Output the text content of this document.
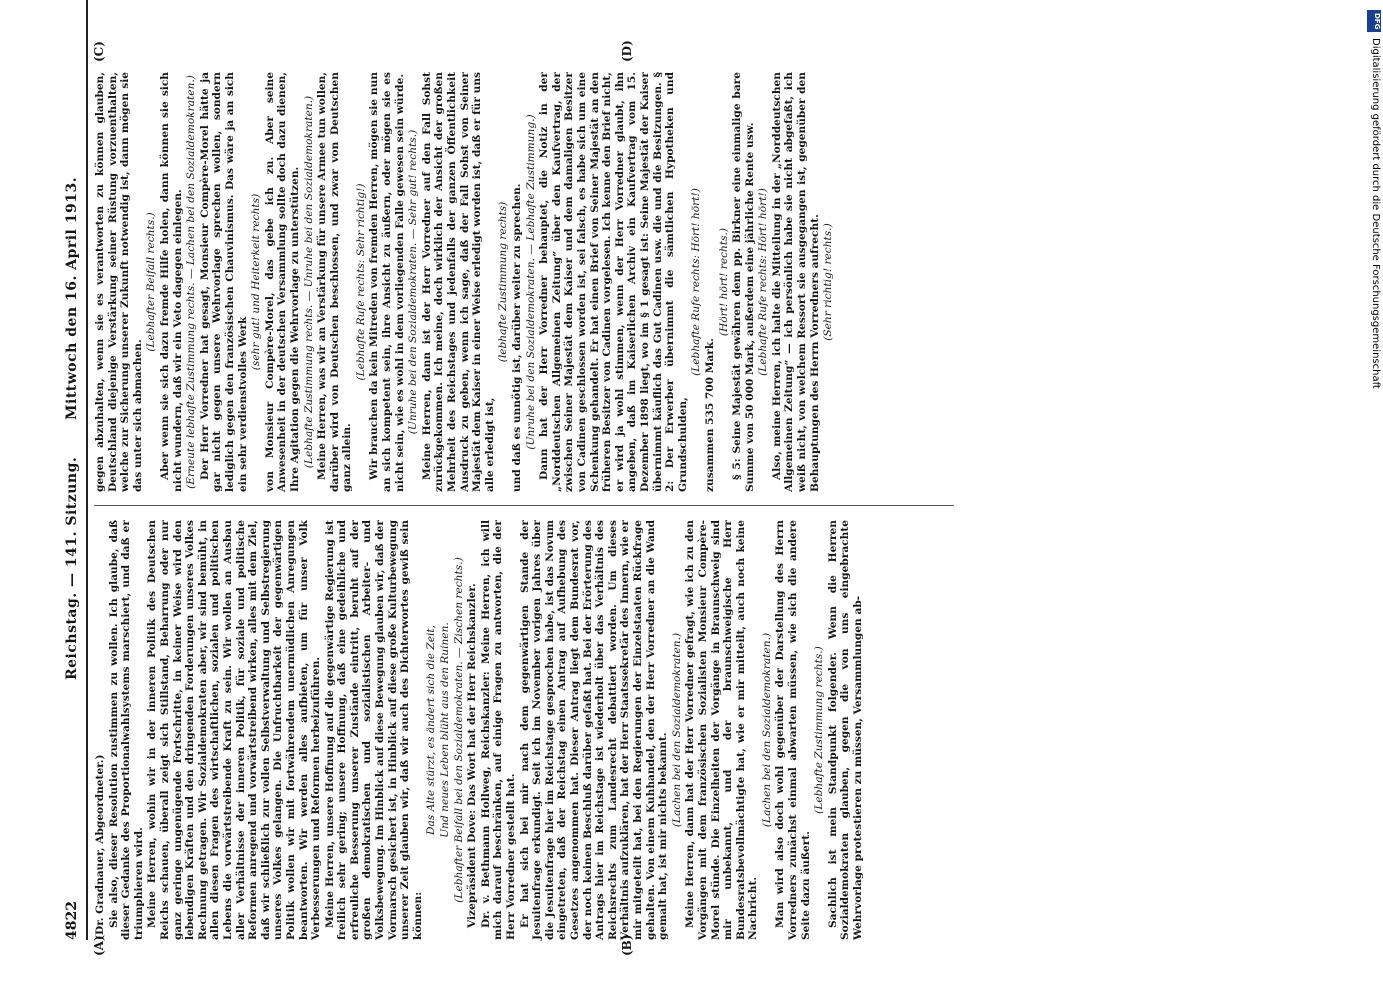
4822
Reichstag. — 141. Sitzung.
Mittwoch den 16. April 1913.

(Dr. Gradnauer, Abgeordneter.) Sie also, dieser Resolution zustimmen zu wollen. Ich glaube, daß dieser Gedanke des Proportionalwahlsystems marschiert, und daß er triumphieren wird. Meine Herren, wohin wir in der inneren Politik des Deutschen Reichs schauen, überall zeigt sich Stillstand, Beharrung oder nur ganz geringe ungenügende Fortschritte, in keiner Weise wird den lebendigen Kräften und den dringenden Forderungen unseres Volkes Rechnung getragen. Wir Sozialdemokraten aber, wir sind bemüht, in allen diesen Fragen des wirtschaftlichen, sozialen und politischen Lebens die vorwärtstreibende Kraft zu sein. Wir wollen an Ausbau aller Verhältnisse der inneren Politik, für soziale und politische Reformen anregend und vorwärtstreibend wirken, alles mit dem Ziel, daß wir schließlich zur vollen Selbstverwaltung und Selbstregierung unseres Volkes gelangen. Die Unfruchtbarkeit der gegenwärtigen Politik wollen wir mit fortwährendem unermüdlichen Anregungen beantworten. Wir werden alles aufbieten, um für unser Volk Verbesserungen und Reformen herbeizuführen. Meine Herren, unsere Hoffnung auf die gegenwärtige Regierung ist freilich sehr gering; unsere Hoffnung, daß eine gedeihliche und erfreuliche Besserung unserer Zustände eintritt, beruht auf der großen demokratischen und sozialistischen Arbeiter- und Volksbewegung. Im Hinblick auf diese Bewegung glauben wir, daß der Vormarsch gesichert ist, in Hinblick auf diese große Kulturbewegung unserer Zeit glauben wir, daß wir auch des Dichterwortes gewiß sein können:

Das Alte stürzt, es ändert sich die Zeit, Und neues Leben blüht aus den Ruinen. (Lebhafter Beifall bei den Sozialdemokraten. — Zischen rechts.) Vizepräsident Dove: Das Wort hat der Herr Reichskanzler. Dr. v. Bethmann Hollweg, Reichskanzler: Meine Herren, ich will mich darauf beschränken, auf einige Fragen zu antworten, die der Herr Vorredner gestellt hat. Er hat sich bei mir nach dem gegenwärtigen Stande der Jesuitenfrage erkundigt. Seit ich im November vorigen Jahres über die Jesuitenfrage hier im Reichstage gesprochen habe, ist das Novum eingetreten, daß der Reichstag einen Antrag auf Aufhebung des Gesetzes angenommen hat. Dieser Antrag liegt dem Bundesrat vor, der noch keinen Beschluß darüber gefaßt hat. Bei der Erörterung des Antrags hier im Reichstage ist wiederholt über das Verhältnis des Reichsrechts zum Landesrecht debattiert worden. Um dieses Verhältnis aufzuklären, hat der Herr Staatssekretär des Innern, wie er mir mitgeteilt hat, bei den Regierungen der Einzelstaaten Rückfrage gehalten. Von einem Kuhhandel, den der Herr Vorredner an die Wand gemalt hat, ist mir nichts bekannt.

(Lachen bei den Sozialdemokraten.) Meine Herren, dann hat der Herr Vorredner gefragt, wie ich zu den Vorgängen mit dem französischen Sozialisten Monsieur Compère-Morel stünde. Die Einzelheiten der Vorgänge in Braunschweig sind mir unbekannt, und der braunschweigische Herr Bundesratsbevollmächtigte hat, wie er mir mitteilt, auch noch keine Nachricht.

(Lachen bei den Sozialdemokraten.) Man wird also doch wohl gegenüber der Darstellung des Herrn Vorredners zunächst einmal abwarten müssen, wie sich die andere Seite dazu äußert.

(Lebhafte Zustimmung rechts.) Sachlich ist mein Standpunkt folgender. Wenn die Herren Sozialdemokraten glauben, gegen die von uns eingebrachte Wehrvorlage protestieren zu müssen, Versammlungen ab-

gegen abzuhalten, wenn sie es verantworten zu können glauben, Deutschland diejenige Verstärkung seiner Rüstung vorzuenthalten, welche zur Sicherung unserer Zukunft notwendig ist, dann mögen sie das unter sich abmachen.

(Lebhafter Beifall rechts.) Aber wenn sie sich dazu fremde Hilfe holen, dann können sie sich nicht wundern, daß wir ein Veto dagegen einlegen. (Erneute lebhafte Zustimmung rechts. — Lachen bei den Sozialdemokraten.) Der Herr Vorredner hat gesagt, Monsieur Compère-Morel hätte ja gar nicht gegen unsere Wehrvorlage sprechen wollen, sondern lediglich gegen den französischen Chauvinismus. Das wäre ja an sich ein sehr verdienstvolles Werk

(sehr gut! und Heiterkeit rechts) von Monsieur Compère-Morel, das gebe ich zu. Aber seine Anwesenheit in der deutschen Versammlung sollte doch dazu dienen, Ihre Agitation gegen die Wehrvorlage zu unterstützen. (Lebhafte Zustimmung rechts. — Unruhe bei den Sozialdemokraten.) Meine Herren, was wir an Verstärkung für unsere Armee tun wollen, darüber wird von Deutschen beschlossen, und zwar von Deutschen ganz allein.

(Lebhafte Rufe rechts: Sehr richtig!) Wir brauchen da kein Mitreden von fremden Herren, mögen sie nun an sich kompetent sein, ihre Ansicht zu äußern, oder mögen sie es nicht sein, wie es wohl in dem vorliegenden Falle gewesen sein würde. (Unruhe bei den Sozialdemokraten. — Sehr gut! rechts.) Meine Herren, dann ist der Herr Vorredner auf den Fall Sohst zurückgekommen. Ich meine, doch wirklich der Ansicht der großen Mehrheit des Reichstages und jedenfalls der ganzen Öffentlichkeit Ausdruck zu geben, wenn ich sage, daß der Fall Sohst von Seiner Majestät dem Kaiser in einer Weise erledigt worden ist, daß er für uns alle erledigt ist,

(lebhafte Zustimmung rechts) und daß es unnötig ist, darüber weiter zu sprechen. (Unruhe bei den Sozialdemokraten. — Lebhafte Zustimmung.) Dann hat der Herr Vorredner behauptet, die Notiz in der „Norddeutschen Allgemeinen Zeitung“ über den Kaufvertrag, der zwischen Seiner Majestät dem Kaiser und dem damaligen Besitzer von Cadinen geschlossen worden ist, sei falsch, es habe sich um eine Schenkung gehandelt. Er hat einen Brief von Seiner Majestät an den früheren Besitzer von Cadinen vorgelesen. Ich kenne den Brief nicht, er wird ja wohl stimmen, wenn der Herr Vorredner glaubt, ihn angeben, daß im Kaiserlichen Archiv ein Kaufvertrag vom 15. Dezember 1898 liegt, wo im § 1 gesagt ist: Seine Majestät der Kaiser übernimmt käuflich das Gut Cadinen usw. die und die Besitzungen. § 2: Der Erwerber übernimmt die sämtlichen Hypotheken und Grundschulden,

(Lebhafte Rufe rechts: Hört! hört!)

zusammen 535 700 Mark.

(Hört! hört! rechts.) § 5: Seine Majestät gewähren dem pp. Birkner eine einmalige bare Summe von 50 000 Mark, außerdem eine jährliche Rente usw. (Lebhafte Rufe rechts: Hört! hört!) Also, meine Herren, ich halte die Mitteilung in der „Norddeutschen Allgemeinen Zeitung“ — ich persönlich habe sie nicht abgefaßt, ich weiß nicht, von welchem Ressort sie ausgegangen ist, gegenüber den Behauptungen des Herrn Vorredners aufrecht. (Sehr richtig! rechts.)

(A)	(B)
(C)	(D)
DFG
Digitalisierung gefördert durch die Deutsche Forschungsgemeinschaft
